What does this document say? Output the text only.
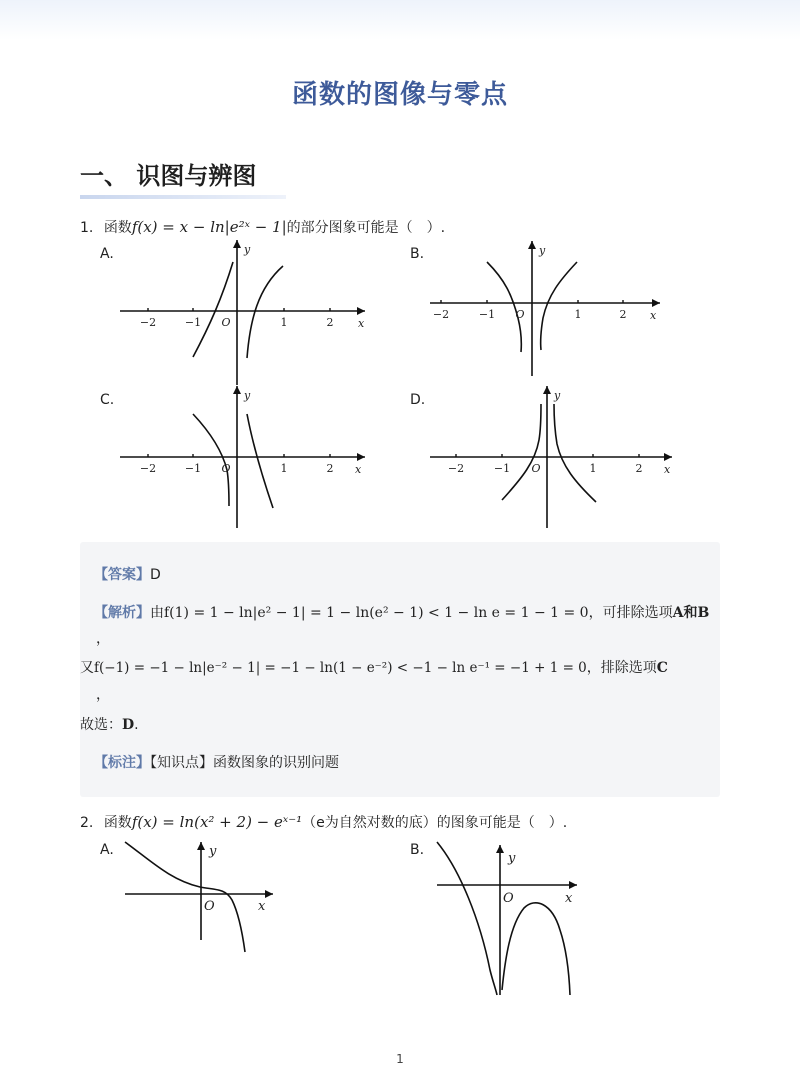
函数的图像与零点
一、 识图与辨图
1. 函数f(x) = x − ln|e²ˣ − 1|的部分图象可能是（　）.
A.	B.
C.	D.
−2	−1	1	2
O	x
y
−2	−1	1	2
O	x
y
−2	−1	1	2
O	x
y
−2	−1	1	2
O	x
y
【答案】D
【解析】由f(1) = 1 − ln|e² − 1| = 1 − ln(e² − 1) < 1 − ln e = 1 − 1 = 0，可排除选项A和B
，
又f(−1) = −1 − ln|e⁻² − 1| = −1 − ln(1 − e⁻²) < −1 − ln e⁻¹ = −1 + 1 = 0，排除选项C
，
故选：D.
【标注】【知识点】函数图象的识别问题
2. 函数f(x) = ln(x² + 2) − eˣ⁻¹（e为自然对数的底）的图象可能是（　）.
A.	B.
O	x
y
O	x
y
1
